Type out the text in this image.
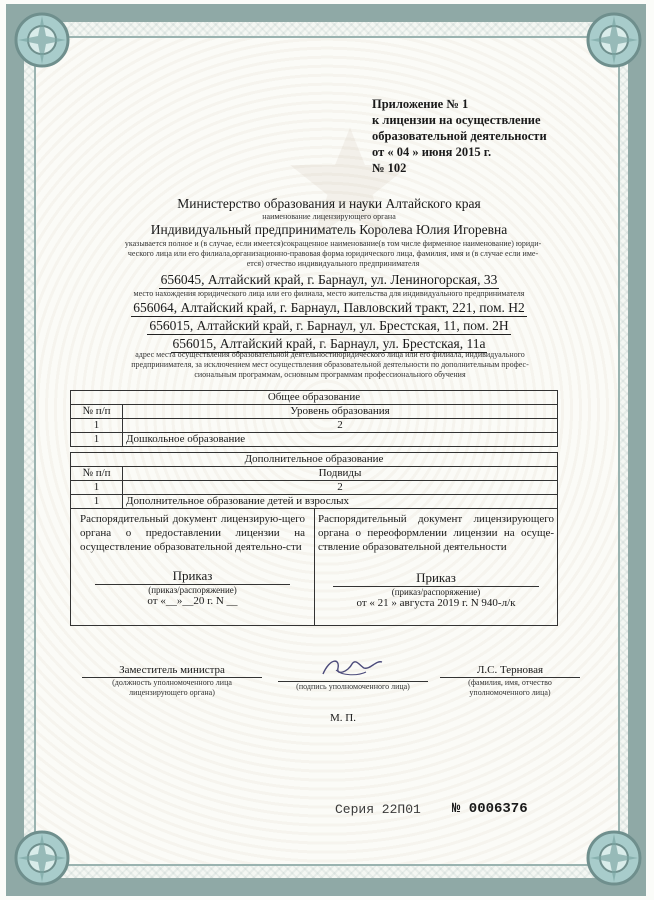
Приложение № 1
к лицензии на осуществление
образовательной деятельности
от « 04 » июня 2015 г.
№ 102
Министерство образования и науки Алтайского края
наименование лицензирующего органа
Индивидуальный предприниматель Королева Юлия Игоревна
указывается полное и (в случае, если имеется)сокращенное наименование(в том числе фирменное наименование) юриди-
ческого лица или его филиала,организационно-правовая форма юридического лица, фамилия, имя и (в случае если име-
ется) отчество индивидуального предпринимателя
656045, Алтайский край, г. Барнаул, ул. Лениногорская, 33
место нахождения юридического лица или его филиала, место жительства для индивидуального предпринимателя
656064, Алтайский край, г. Барнаул, Павловский тракт, 221, пом. Н2
656015, Алтайский край, г. Барнаул, ул. Брестская, 11, пом. 2Н
656015, Алтайский край, г. Барнаул, ул. Брестская, 11а
адрес места осуществления образовательной деятельностиюридического лица или его филиала, индивидуального
предпринимателя, за исключением мест осуществления образовательной деятельности по дополнительным профес-
сиональным программам, основным программам профессионального обучения
Общее образование	
№ п/п	Уровень образования
1	2
1	Дошкольное образование
Дополнительное образование	
№ п/п	Подвиды
1	2
1	Дополнительное образование детей и взрослых
Распорядительный документ лицензирую-щего органа о предоставлении лицензии на осуществление образовательной деятельно-сти
Приказ
(приказ/распоряжение)
от «__»__20 г. N __
Распорядительный документ лицензирующего органа о переоформлении лицензии на осуще-ствление образовательной деятельности
Приказ
(приказ/распоряжение)
от « 21 » августа 2019 г. N 940-л/к
Заместитель министра
(должность уполномоченного лица лицензирующего органа)
(подпись уполномоченного лица)
Л.С. Терновая
(фамилия, имя, отчество уполномоченного лица)
М. П.
Серия 22П01 № 0006376
